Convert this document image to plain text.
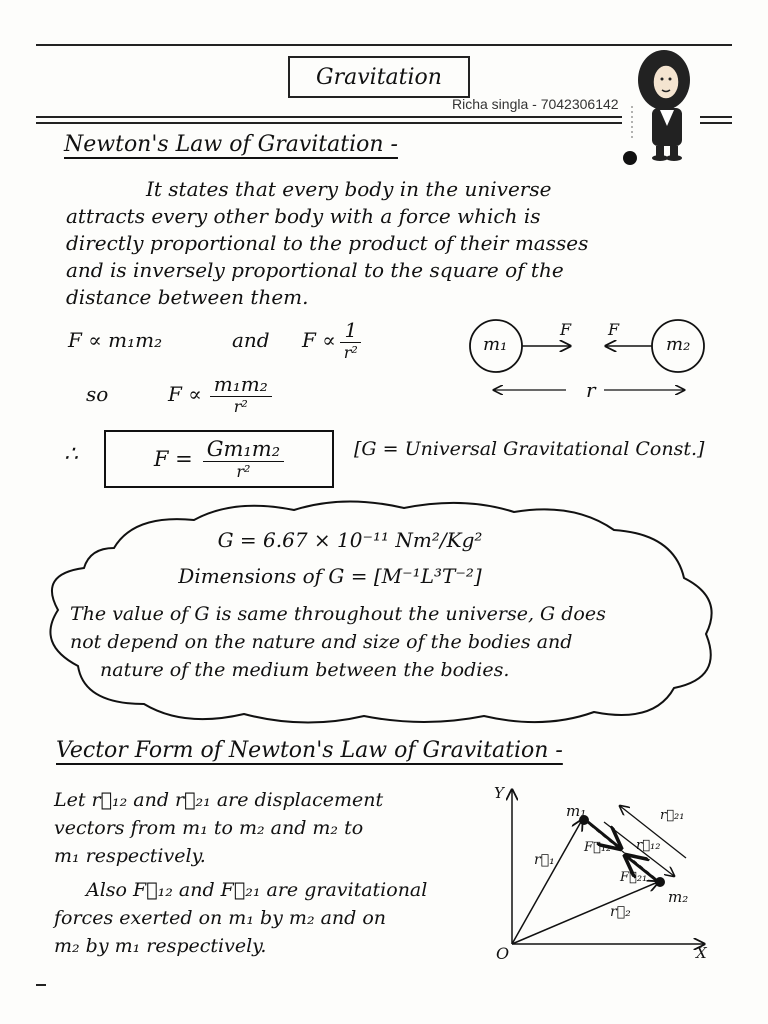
Gravitation
Richa singla - 7042306142
Newton's Law of Gravitation -
It states that every body in the universe
attracts every other body with a force which is
directly proportional to the product of their masses
and is inversely proportional to the square of the
distance between them.
F ∝ m₁m₂	and $F \propto \frac{1}{\text{r²}}$
so	$F \propto \frac{\text{m₁m₂}}{\text{r²}}$
m₁	m₂
F F
r
∴	$F = \frac{\text{Gm₁m₂}}{\text{r²}}$	[G = Universal Gravitational Const.]
G = 6.67 × 10⁻¹¹ Nm²/Kg²
Dimensions of G = [M⁻¹L³T⁻²]
The value of G is same throughout the universe, G does
not depend on the nature and size of the bodies and
nature of the medium between the bodies.
Vector Form of Newton's Law of Gravitation -
Let r⃗₁₂ and r⃗₂₁ are displacement
vectors from m₁ to m₂ and m₂ to
m₁ respectively.
Also F⃗₁₂ and F⃗₂₁ are gravitational
forces exerted on m₁ by m₂ and on
m₂ by m₁ respectively.
Y
X
O
m₁
m₂
r⃗₁
r⃗₂
F⃗₁₂
F⃗₂₁
r⃗₁₂
r⃗₂₁
